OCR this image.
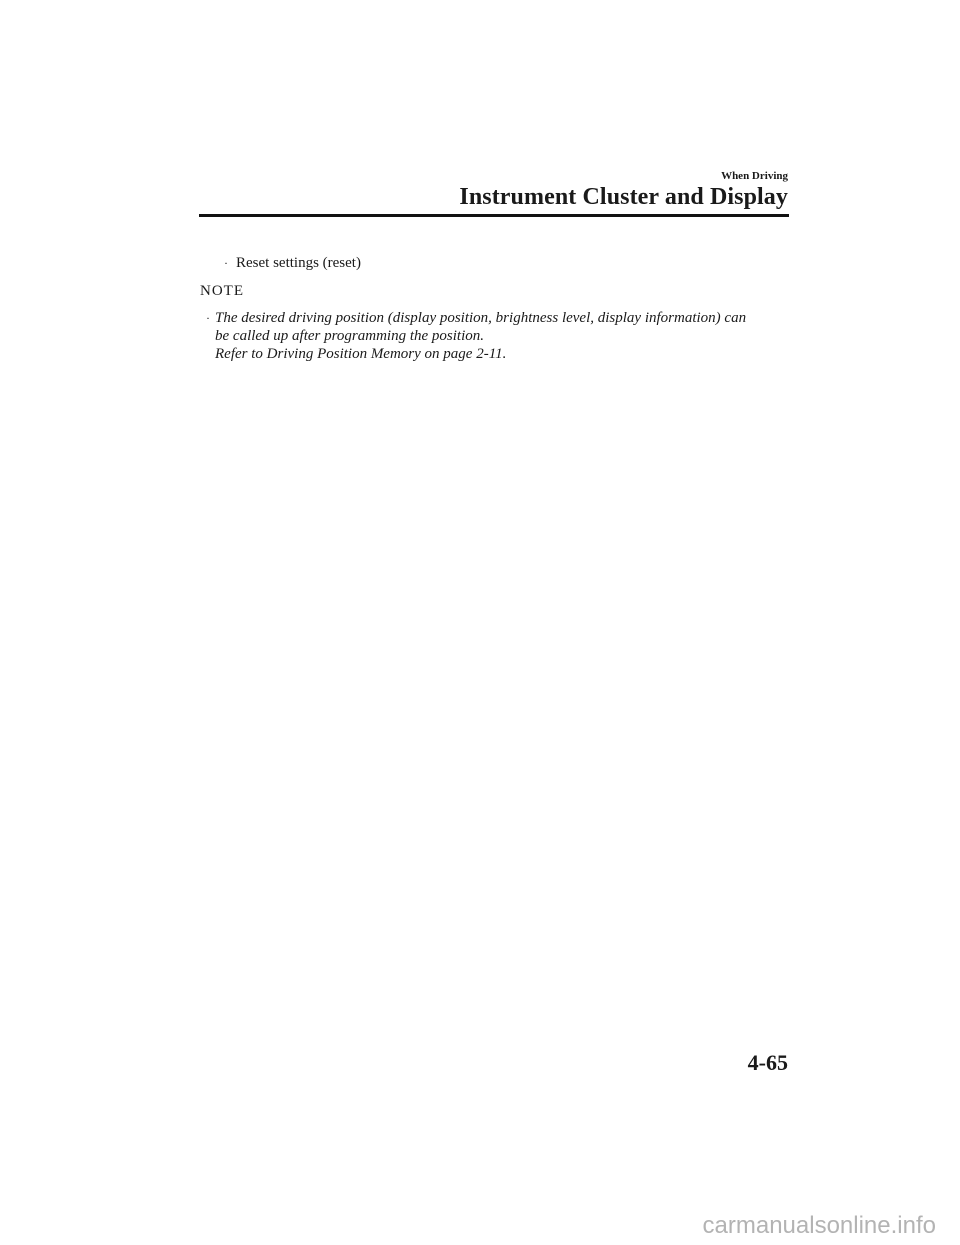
When Driving
Instrument Cluster and Display
· Reset settings (reset)
NOTE
· The desired driving position (display position, brightness level, display information) can
be called up after programming the position.
Refer to Driving Position Memory on page 2-11.
4-65
carmanualsonline.info
